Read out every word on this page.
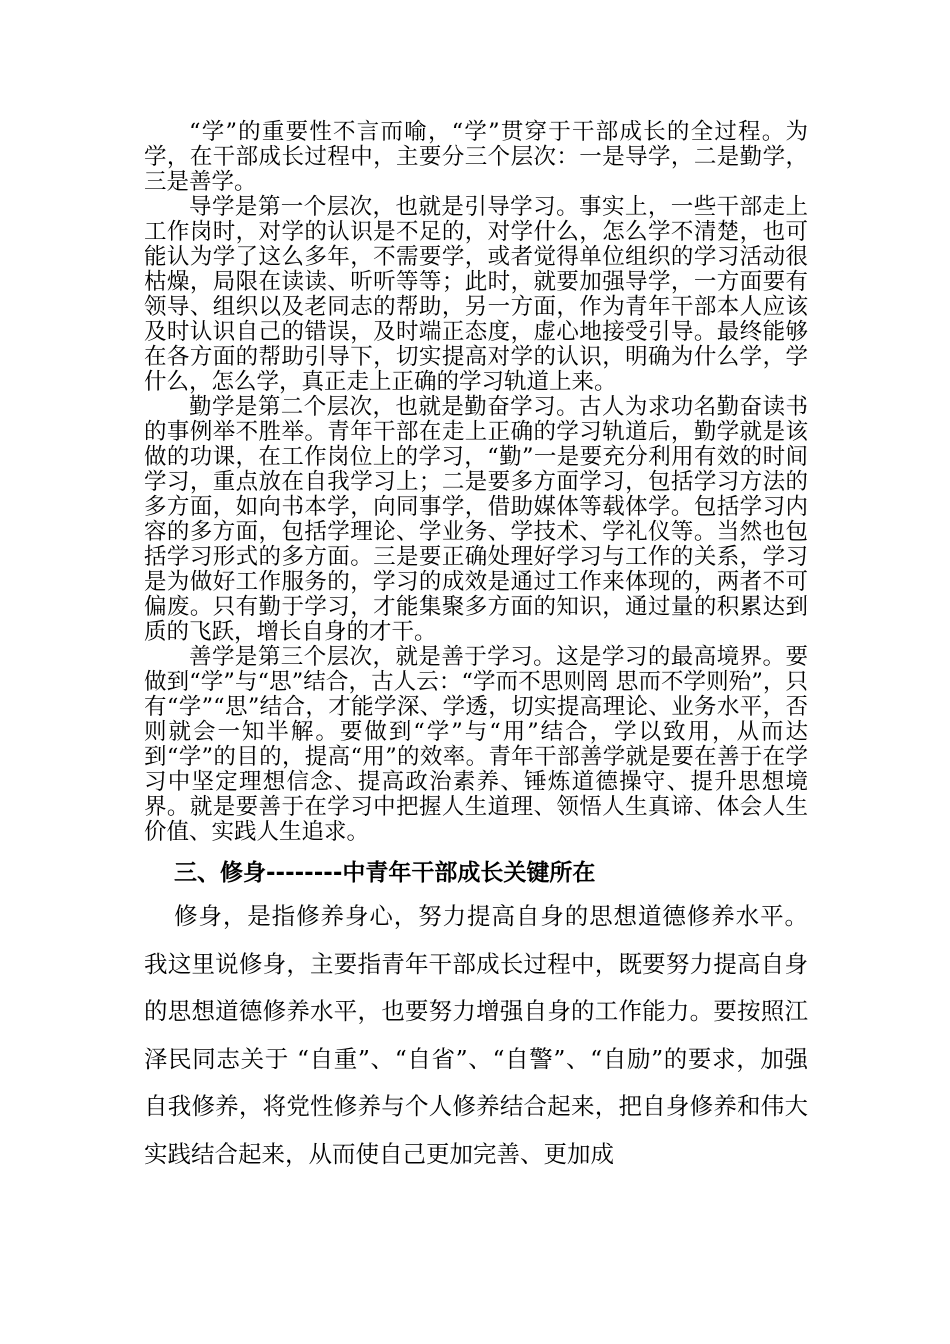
“学”的重要性不言而喻，“学”贯穿于干部成长的全过程。为学，在干部成长过程中，主要分三个层次：一是导学，二是勤学，三是善学。

导学是第一个层次，也就是引导学习。事实上，一些干部走上工作岗时，对学的认识是不足的，对学什么，怎么学不清楚，也可能认为学了这么多年，不需要学，或者觉得单位组织的学习活动很枯燥，局限在读读、听听等等；此时，就要加强导学，一方面要有领导、组织以及老同志的帮助，另一方面，作为青年干部本人应该及时认识自己的错误，及时端正态度，虚心地接受引导。最终能够在各方面的帮助引导下，切实提高对学的认识，明确为什么学，学什么，怎么学，真正走上正确的学习轨道上来。

勤学是第二个层次，也就是勤奋学习。古人为求功名勤奋读书的事例举不胜举。青年干部在走上正确的学习轨道后，勤学就是该做的功课，在工作岗位上的学习，“勤”一是要充分利用有效的时间学习，重点放在自我学习上；二是要多方面学习，包括学习方法的多方面，如向书本学，向同事学，借助媒体等载体学。包括学习内容的多方面，包括学理论、学业务、学技术、学礼仪等。当然也包括学习形式的多方面。三是要正确处理好学习与工作的关系，学习是为做好工作服务的，学习的成效是通过工作来体现的，两者不可偏废。只有勤于学习，才能集聚多方面的知识，通过量的积累达到质的飞跃，增长自身的才干。

善学是第三个层次，就是善于学习。这是学习的最高境界。要做到“学”与“思”结合，古人云：“学而不思则罔 思而不学则殆”，只有“学”“思”结合，才能学深、学透，切实提高理论、业务水平，否则就会一知半解。要做到“学”与“用”结合，学以致用，从而达到“学”的目的，提高“用”的效率。青年干部善学就是要在善于在学习中坚定理想信念、提高政治素养、锤炼道德操守、提升思想境界。就是要善于在学习中把握人生道理、领悟人生真谛、体会人生价值、实践人生追求。

三、修身--------中青年干部成长关键所在

修身，是指修养身心，努力提高自身的思想道德修养水平。我这里说修身，主要指青年干部成长过程中，既要努力提高自身的思想道德修养水平，也要努力增强自身的工作能力。要按照江泽民同志关于 “自重”、“自省”、“自警”、“自励”的要求，加强自我修养，将党性修养与个人修养结合起来，把自身修养和伟大实践结合起来，从而使自己更加完善、更加成
